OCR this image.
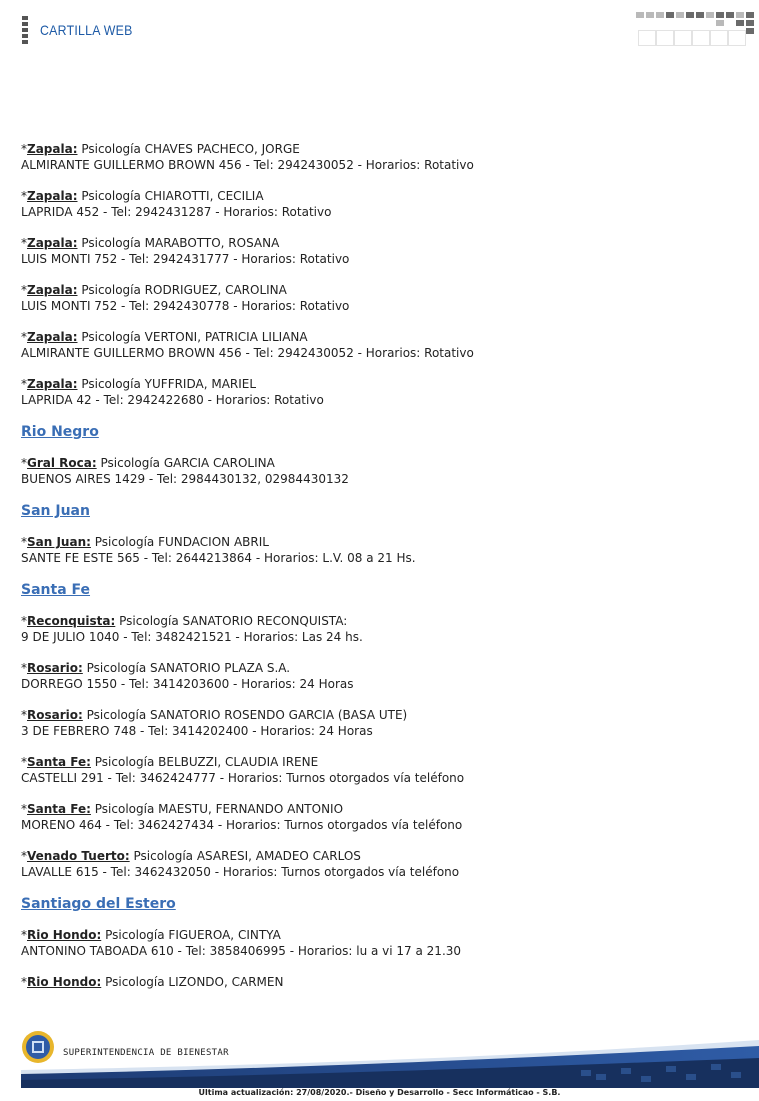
CARTILLA WEB
*Zapala: Psicología CHAVES PACHECO, JORGE
ALMIRANTE GUILLERMO BROWN 456 - Tel: 2942430052 - Horarios: Rotativo
*Zapala: Psicología CHIAROTTI, CECILIA
LAPRIDA 452 - Tel: 2942431287 - Horarios: Rotativo
*Zapala: Psicología MARABOTTO, ROSANA
LUIS MONTI 752 - Tel: 2942431777 - Horarios: Rotativo
*Zapala: Psicología RODRIGUEZ, CAROLINA
LUIS MONTI 752 - Tel: 2942430778 - Horarios: Rotativo
*Zapala: Psicología VERTONI, PATRICIA LILIANA
ALMIRANTE GUILLERMO BROWN 456 - Tel: 2942430052 - Horarios: Rotativo
*Zapala: Psicología YUFFRIDA, MARIEL
LAPRIDA 42 - Tel: 2942422680 - Horarios: Rotativo
Rio Negro
*Gral Roca: Psicología GARCIA CAROLINA
BUENOS AIRES 1429 - Tel: 2984430132, 02984430132
San Juan
*San Juan: Psicología FUNDACION ABRIL
SANTE FE ESTE 565 - Tel: 2644213864 - Horarios: L.V. 08 a 21 Hs.
Santa Fe
*Reconquista: Psicología SANATORIO RECONQUISTA:
9 DE JULIO 1040 - Tel: 3482421521 - Horarios: Las 24 hs.
*Rosario: Psicología SANATORIO PLAZA S.A.
DORREGO 1550 - Tel: 3414203600 - Horarios: 24 Horas
*Rosario: Psicología SANATORIO ROSENDO GARCIA (BASA UTE)
3 DE FEBRERO 748 - Tel: 3414202400 - Horarios: 24 Horas
*Santa Fe: Psicología BELBUZZI, CLAUDIA IRENE
CASTELLI 291 - Tel: 3462424777 - Horarios: Turnos otorgados vía teléfono
*Santa Fe: Psicología MAESTU, FERNANDO ANTONIO
MORENO 464 - Tel: 3462427434 - Horarios: Turnos otorgados vía teléfono
*Venado Tuerto: Psicología ASARESI, AMADEO CARLOS
LAVALLE 615 - Tel: 3462432050 - Horarios: Turnos otorgados vía teléfono
Santiago del Estero
*Rio Hondo: Psicología FIGUEROA, CINTYA
ANTONINO TABOADA 610 - Tel: 3858406995 - Horarios: lu a vi 17 a 21.30
*Rio Hondo: Psicología LIZONDO, CARMEN
SUPERINTENDENCIA DE BIENESTAR
Ultima actualización: 27/08/2020.- Diseño y Desarrollo - Secc Informáticao - S.B.
